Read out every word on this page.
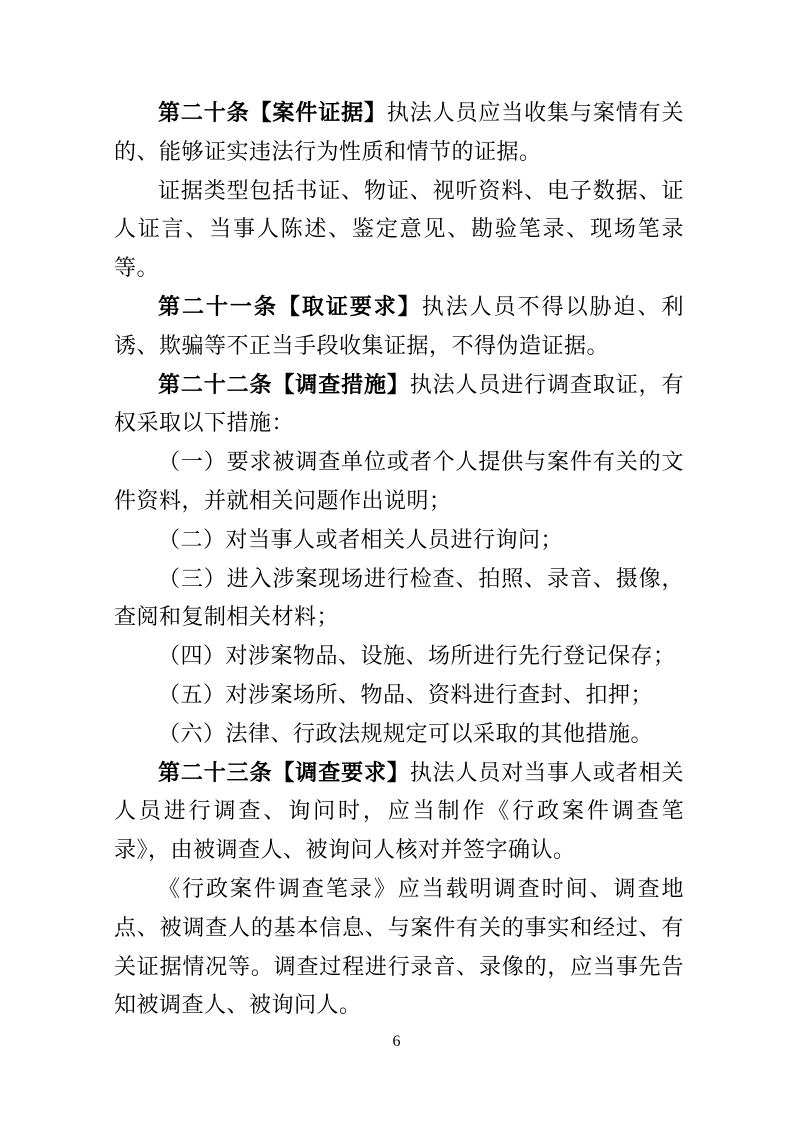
第二十条【案件证据】执法人员应当收集与案情有关的、能够证实违法行为性质和情节的证据。

证据类型包括书证、物证、视听资料、电子数据、证人证言、当事人陈述、鉴定意见、勘验笔录、现场笔录等。

第二十一条【取证要求】执法人员不得以胁迫、利诱、欺骗等不正当手段收集证据，不得伪造证据。

第二十二条【调查措施】执法人员进行调查取证，有权采取以下措施：

（一）要求被调查单位或者个人提供与案件有关的文件资料，并就相关问题作出说明；

（二）对当事人或者相关人员进行询问；

（三）进入涉案现场进行检查、拍照、录音、摄像，查阅和复制相关材料；

（四）对涉案物品、设施、场所进行先行登记保存；

（五）对涉案场所、物品、资料进行查封、扣押；

（六）法律、行政法规规定可以采取的其他措施。

第二十三条【调查要求】执法人员对当事人或者相关人员进行调查、询问时，应当制作《行政案件调查笔录》，由被调查人、被询问人核对并签字确认。

《行政案件调查笔录》应当载明调查时间、调查地点、被调查人的基本信息、与案件有关的事实和经过、有关证据情况等。调查过程进行录音、录像的，应当事先告知被调查人、被询问人。

6
